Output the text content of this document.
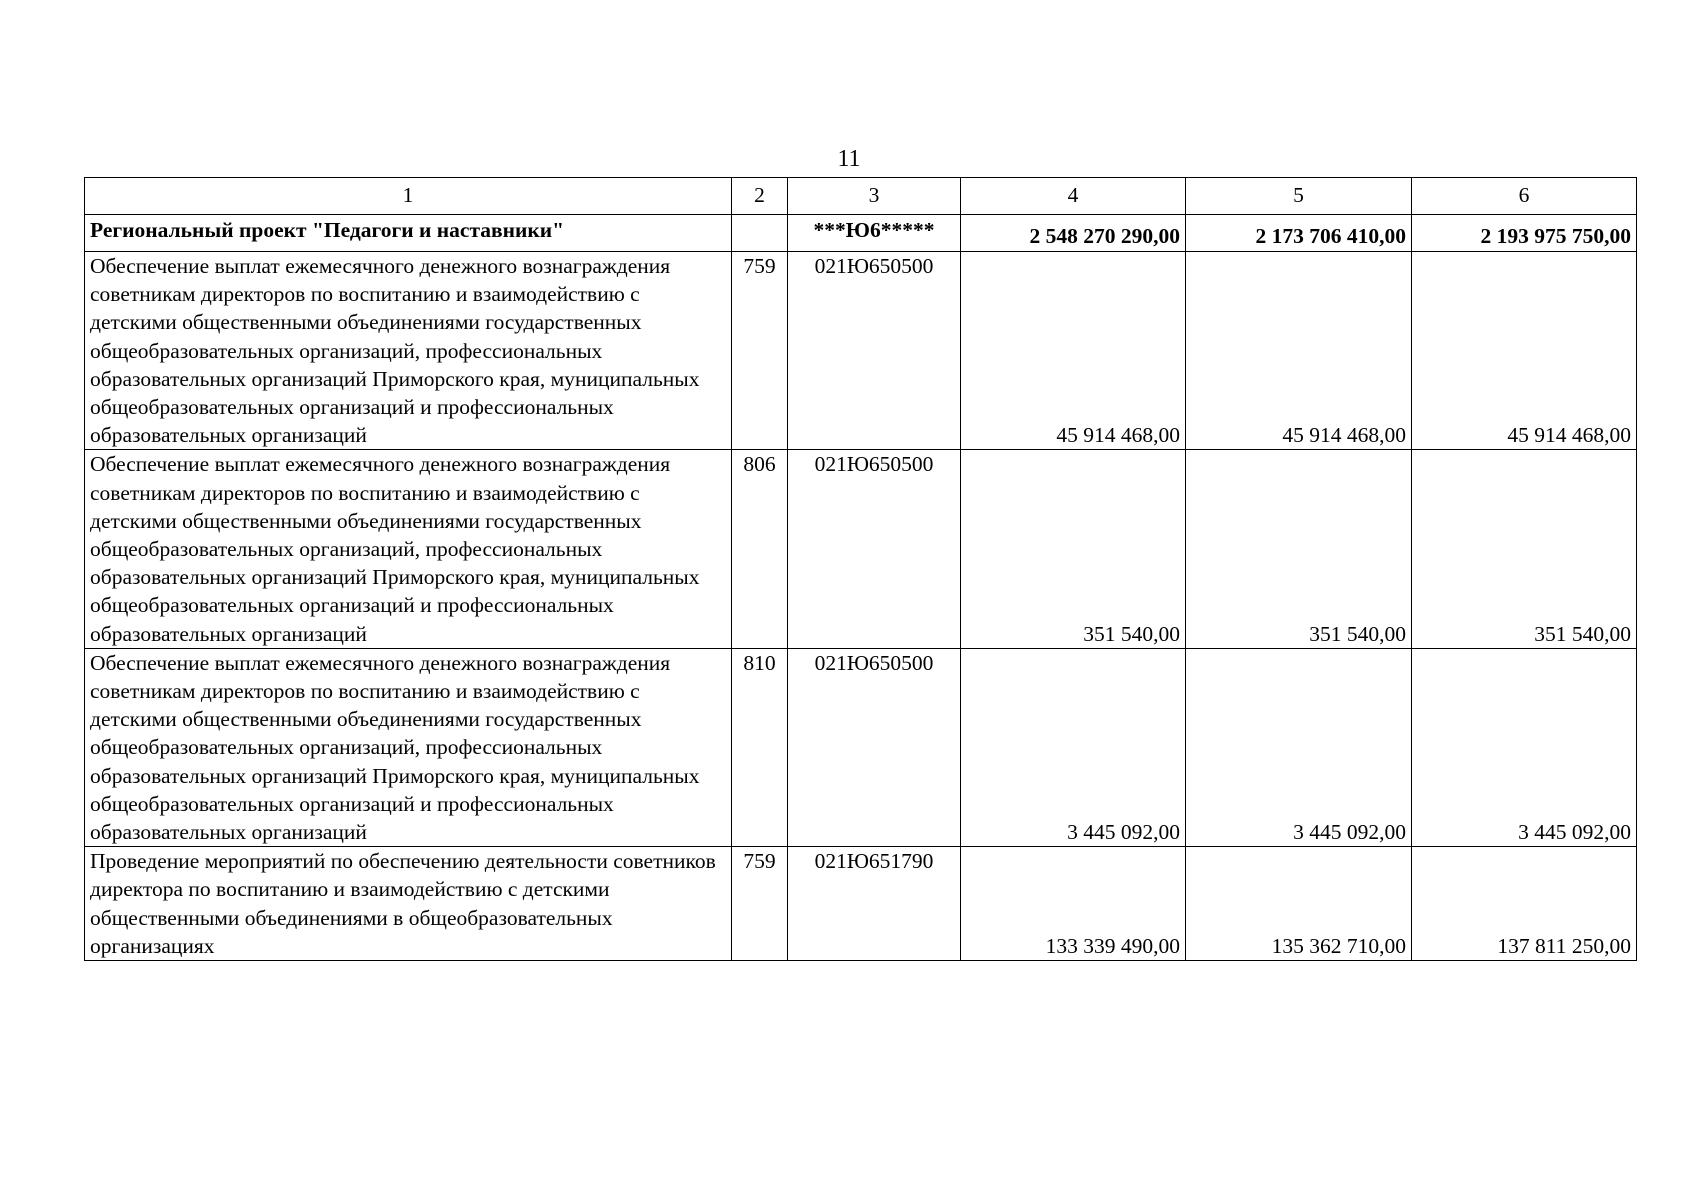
11
1	2	3	4	5	6
Региональный проект "Педагоги и наставники"		***Ю6*****	2 548 270 290,00	2 173 706 410,00	2 193 975 750,00
Обеспечение выплат ежемесячного денежного вознаграждения советникам директоров по воспитанию и взаимодействию с детскими общественными объединениями государственных общеобразовательных организаций, профессиональных образовательных организаций Приморского края, муниципальных общеобразовательных организаций и профессиональных образовательных организаций	759	021Ю650500	45 914 468,00	45 914 468,00	45 914 468,00
Обеспечение выплат ежемесячного денежного вознаграждения советникам директоров по воспитанию и взаимодействию с детскими общественными объединениями государственных общеобразовательных организаций, профессиональных образовательных организаций Приморского края, муниципальных общеобразовательных организаций и профессиональных образовательных организаций	806	021Ю650500	351 540,00	351 540,00	351 540,00
Обеспечение выплат ежемесячного денежного вознаграждения советникам директоров по воспитанию и взаимодействию с детскими общественными объединениями государственных общеобразовательных организаций, профессиональных образовательных организаций Приморского края, муниципальных общеобразовательных организаций и профессиональных образовательных организаций	810	021Ю650500	3 445 092,00	3 445 092,00	3 445 092,00
Проведение мероприятий по обеспечению деятельности советников директора по воспитанию и взаимодействию с детскими общественными объединениями в общеобразовательных организациях	759	021Ю651790	133 339 490,00	135 362 710,00	137 811 250,00
